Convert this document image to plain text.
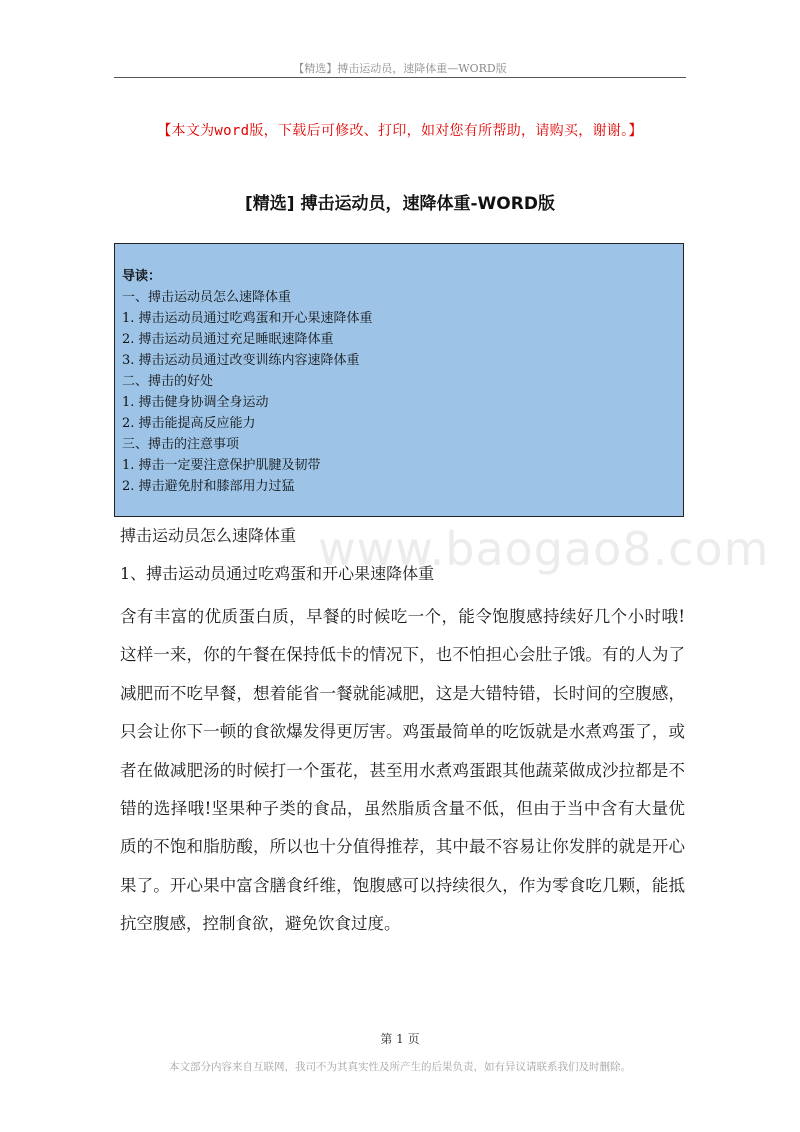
【精选】搏击运动员，速降体重—WORD版
【本文为word版，下载后可修改、打印，如对您有所帮助，请购买，谢谢。】
[精选] 搏击运动员，速降体重-WORD版
导读：
一、搏击运动员怎么速降体重
1. 搏击运动员通过吃鸡蛋和开心果速降体重
2. 搏击运动员通过充足睡眠速降体重
3. 搏击运动员通过改变训练内容速降体重
二、搏击的好处
1. 搏击健身协调全身运动
2. 搏击能提高反应能力
三、搏击的注意事项
1. 搏击一定要注意保护肌腱及韧带
2. 搏击避免肘和膝部用力过猛
www.baogao8.com
搏击运动员怎么速降体重
1、搏击运动员通过吃鸡蛋和开心果速降体重

含有丰富的优质蛋白质，早餐的时候吃一个，能令饱腹感持续好几个小时哦!这样一来，你的午餐在保持低卡的情况下，也不怕担心会肚子饿。有的人为了减肥而不吃早餐，想着能省一餐就能减肥，这是大错特错，长时间的空腹感，只会让你下一顿的食欲爆发得更厉害。鸡蛋最简单的吃饭就是水煮鸡蛋了，或者在做减肥汤的时候打一个蛋花，甚至用水煮鸡蛋跟其他蔬菜做成沙拉都是不错的选择哦!坚果种子类的食品，虽然脂质含量不低，但由于当中含有大量优质的不饱和脂肪酸，所以也十分值得推荐，其中最不容易让你发胖的就是开心果了。开心果中富含膳食纤维，饱腹感可以持续很久，作为零食吃几颗，能抵抗空腹感，控制食欲，避免饮食过度。

第 1 页
本文部分内容来自互联网，我司不为其真实性及所产生的后果负责，如有异议请联系我们及时删除。
